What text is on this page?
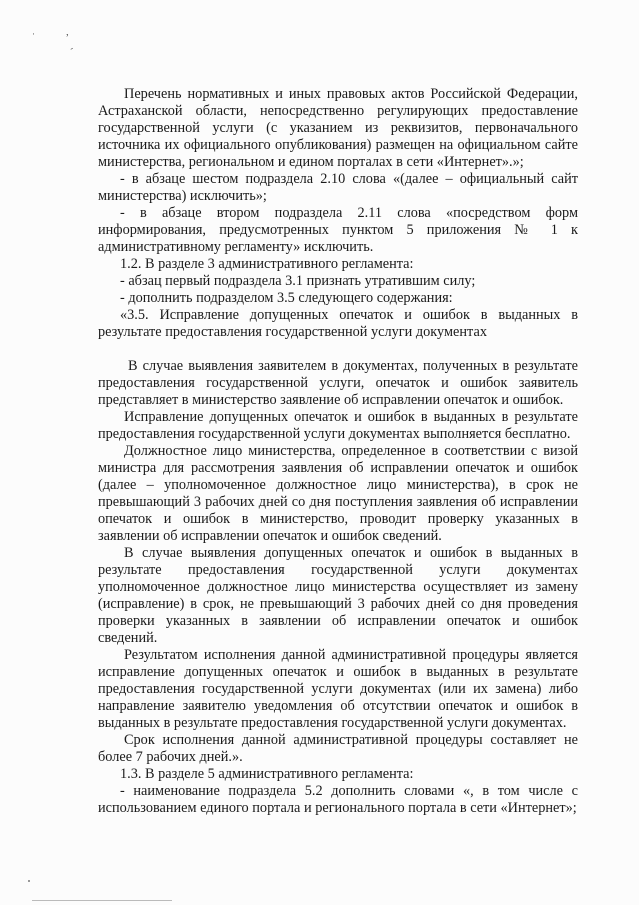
·	,
-

Перечень нормативных и иных правовых актов Российской Федерации, Астраханской области, непосредственно регулирующих предоставление государственной услуги (с указанием из реквизитов, первоначального источника их официального опубликования) размещен на официальном сайте министерства, региональном и едином порталах в сети «Интернет».»;

- в абзаце шестом подраздела 2.10 слова «(далее – официальный сайт министерства) исключить»;

- в абзаце втором подраздела 2.11 слова «посредством форм информирования, предусмотренных пунктом 5 приложения № 1 к административному регламенту» исключить.

1.2. В разделе 3 административного регламента:

- абзац первый подраздела 3.1 признать утратившим силу;

- дополнить подразделом 3.5 следующего содержания:

«3.5. Исправление допущенных опечаток и ошибок в выданных в результате предоставления государственной услуги документах

В случае выявления заявителем в документах, полученных в результате предоставления государственной услуги, опечаток и ошибок заявитель представляет в министерство заявление об исправлении опечаток и ошибок.

Исправление допущенных опечаток и ошибок в выданных в результате предоставления государственной услуги документах выполняется бесплатно.

Должностное лицо министерства, определенное в соответствии с визой министра для рассмотрения заявления об исправлении опечаток и ошибок (далее – уполномоченное должностное лицо министерства), в срок не превышающий 3 рабочих дней со дня поступления заявления об исправлении опечаток и ошибок в министерство, проводит проверку указанных в заявлении об исправлении опечаток и ошибок сведений.

В случае выявления допущенных опечаток и ошибок в выданных в результате предоставления государственной услуги документах уполномоченное должностное лицо министерства осуществляет из замену (исправление) в срок, не превышающий 3 рабочих дней со дня проведения проверки указанных в заявлении об исправлении опечаток и ошибок сведений.

Результатом исполнения данной административной процедуры является исправление допущенных опечаток и ошибок в выданных в результате предоставления государственной услуги документах (или их замена) либо направление заявителю уведомления об отсутствии опечаток и ошибок в выданных в результате предоставления государственной услуги документах.

Срок исполнения данной административной процедуры составляет не более 7 рабочих дней.».

1.3. В разделе 5 административного регламента:

- наименование подраздела 5.2 дополнить словами «, в том числе с использованием единого портала и регионального портала в сети «Интернет»;
